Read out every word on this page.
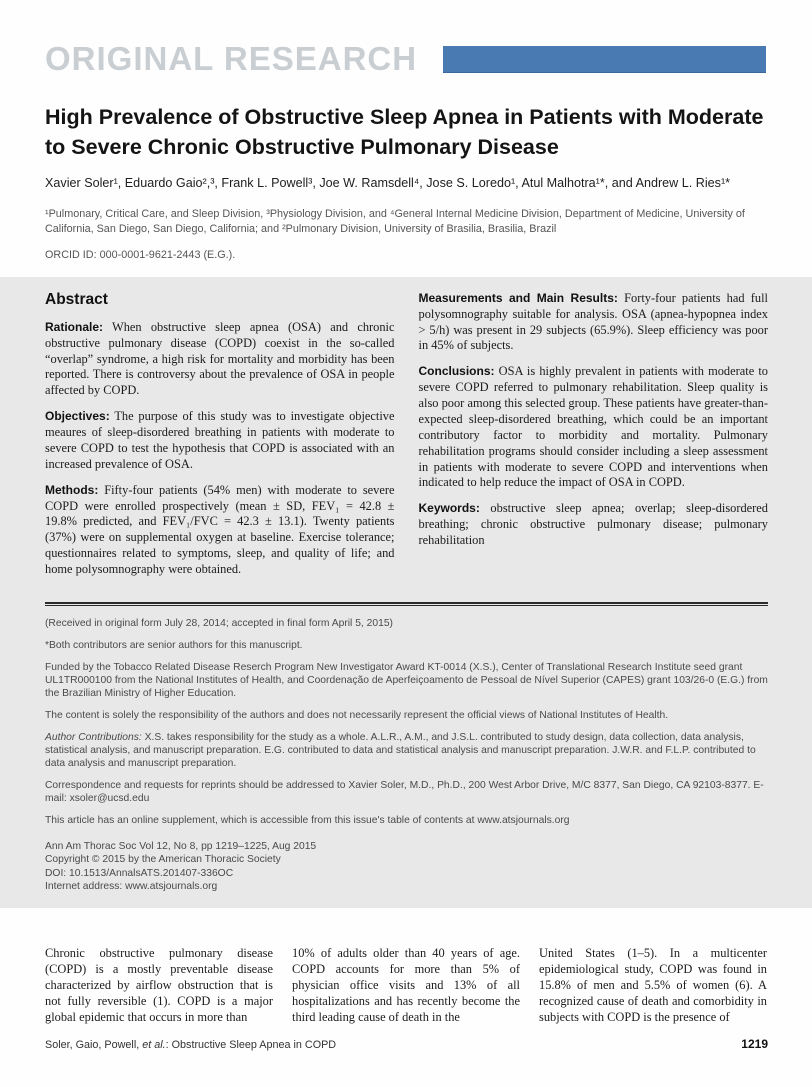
ORIGINAL RESEARCH
High Prevalence of Obstructive Sleep Apnea in Patients with Moderate to Severe Chronic Obstructive Pulmonary Disease

Xavier Soler¹, Eduardo Gaio²,³, Frank L. Powell³, Joe W. Ramsdell⁴, Jose S. Loredo¹, Atul Malhotra¹*, and Andrew L. Ries¹*

¹Pulmonary, Critical Care, and Sleep Division, ³Physiology Division, and ⁴General Internal Medicine Division, Department of Medicine, University of California, San Diego, San Diego, California; and ²Pulmonary Division, University of Brasilia, Brasilia, Brazil

ORCID ID: 000-0001-9621-2443 (E.G.).

Abstract

Rationale: When obstructive sleep apnea (OSA) and chronic obstructive pulmonary disease (COPD) coexist in the so-called “overlap” syndrome, a high risk for mortality and morbidity has been reported. There is controversy about the prevalence of OSA in people affected by COPD.

Objectives: The purpose of this study was to investigate objective meaures of sleep-disordered breathing in patients with moderate to severe COPD to test the hypothesis that COPD is associated with an increased prevalence of OSA.

Methods: Fifty-four patients (54% men) with moderate to severe COPD were enrolled prospectively (mean ± SD, FEV₁ = 42.8 ± 19.8% predicted, and FEV₁/FVC = 42.3 ± 13.1). Twenty patients (37%) were on supplemental oxygen at baseline. Exercise tolerance; questionnaires related to symptoms, sleep, and quality of life; and home polysomnography were obtained.

Measurements and Main Results: Forty-four patients had full polysomnography suitable for analysis. OSA (apnea-hypopnea index > 5/h) was present in 29 subjects (65.9%). Sleep efficiency was poor in 45% of subjects.

Conclusions: OSA is highly prevalent in patients with moderate to severe COPD referred to pulmonary rehabilitation. Sleep quality is also poor among this selected group. These patients have greater-than-expected sleep-disordered breathing, which could be an important contributory factor to morbidity and mortality. Pulmonary rehabilitation programs should consider including a sleep assessment in patients with moderate to severe COPD and interventions when indicated to help reduce the impact of OSA in COPD.

Keywords: obstructive sleep apnea; overlap; sleep-disordered breathing; chronic obstructive pulmonary disease; pulmonary rehabilitation

(Received in original form July 28, 2014; accepted in final form April 5, 2015)

*Both contributors are senior authors for this manuscript.

Funded by the Tobacco Related Disease Reserch Program New Investigator Award KT-0014 (X.S.), Center of Translational Research Institute seed grant UL1TR000100 from the National Institutes of Health, and Coordenação de Aperfeiçoamento de Pessoal de Nível Superior (CAPES) grant 103/26-0 (E.G.) from the Brazilian Ministry of Higher Education.

The content is solely the responsibility of the authors and does not necessarily represent the official views of National Institutes of Health.

Author Contributions: X.S. takes responsibility for the study as a whole. A.L.R., A.M., and J.S.L. contributed to study design, data collection, data analysis, statistical analysis, and manuscript preparation. E.G. contributed to data and statistical analysis and manuscript preparation. J.W.R. and F.L.P. contributed to data analysis and manuscript preparation.

Correspondence and requests for reprints should be addressed to Xavier Soler, M.D., Ph.D., 200 West Arbor Drive, M/C 8377, San Diego, CA 92103-8377. E-mail: xsoler@ucsd.edu

This article has an online supplement, which is accessible from this issue's table of contents at www.atsjournals.org

Ann Am Thorac Soc Vol 12, No 8, pp 1219–1225, Aug 2015

Copyright © 2015 by the American Thoracic Society

DOI: 10.1513/AnnalsATS.201407-336OC

Internet address: www.atsjournals.org

Chronic obstructive pulmonary disease (COPD) is a mostly preventable disease characterized by airflow obstruction that is not fully reversible (1). COPD is a major global epidemic that occurs in more than
10% of adults older than 40 years of age. COPD accounts for more than 5% of physician office visits and 13% of all hospitalizations and has recently become the third leading cause of death in the
United States (1–5). In a multicenter epidemiological study, COPD was found in 15.8% of men and 5.5% of women (6). A recognized cause of death and comorbidity in subjects with COPD is the presence of
Soler, Gaio, Powell, et al.: Obstructive Sleep Apnea in COPD	1219
